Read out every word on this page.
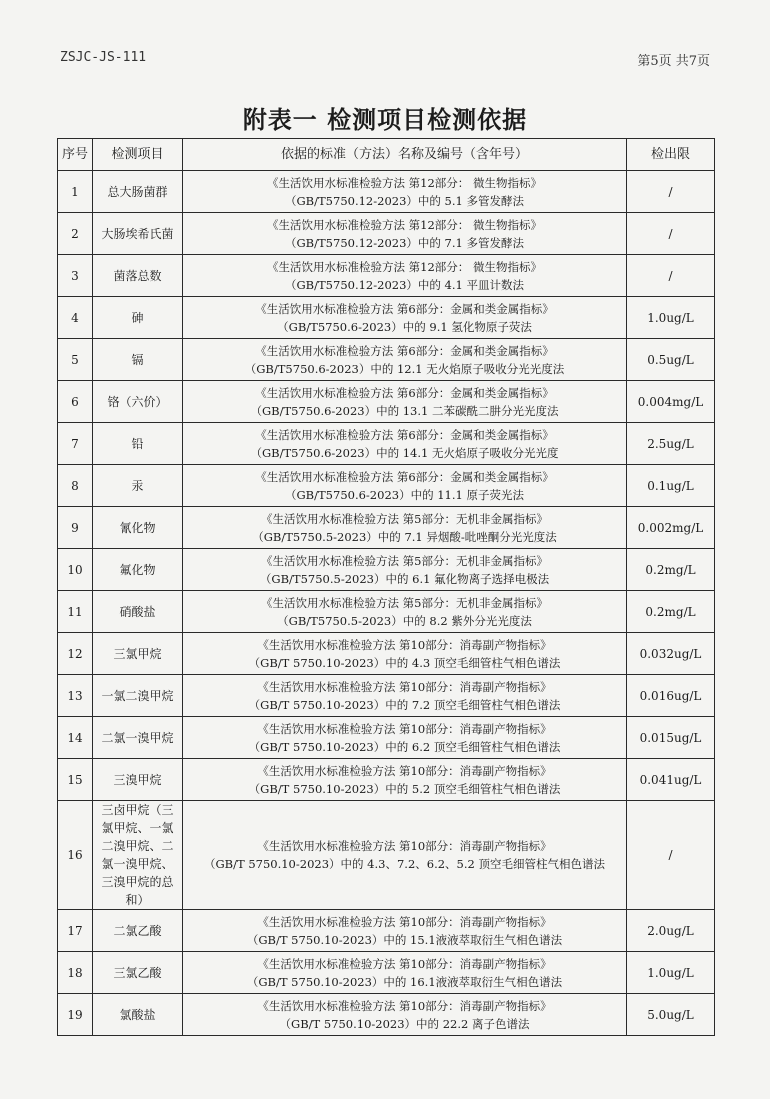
ZSJC-JS-111	第5页 共7页
附表一 检测项目检测依据
序号	检测项目	依据的标准（方法）名称及编号（含年号）	检出限
1	总大肠菌群	《生活饮用水标准检验方法 第12部分： 微生物指标》
（GB/T5750.12-2023）中的 5.1 多管发酵法	/
2	大肠埃希氏菌	《生活饮用水标准检验方法 第12部分： 微生物指标》
（GB/T5750.12-2023）中的 7.1 多管发酵法	/
3	菌落总数	《生活饮用水标准检验方法 第12部分： 微生物指标》
（GB/T5750.12-2023）中的 4.1 平皿计数法	/
4	砷	《生活饮用水标准检验方法 第6部分：金属和类金属指标》
（GB/T5750.6-2023）中的 9.1 氢化物原子荧法	1.0ug/L
5	镉	《生活饮用水标准检验方法 第6部分：金属和类金属指标》
（GB/T5750.6-2023）中的 12.1 无火焰原子吸收分光光度法	0.5ug/L
6	铬（六价）	《生活饮用水标准检验方法 第6部分：金属和类金属指标》
（GB/T5750.6-2023）中的 13.1 二苯碳酰二肼分光光度法	0.004mg/L
7	铅	《生活饮用水标准检验方法 第6部分：金属和类金属指标》
（GB/T5750.6-2023）中的 14.1 无火焰原子吸收分光光度	2.5ug/L
8	汞	《生活饮用水标准检验方法 第6部分：金属和类金属指标》
（GB/T5750.6-2023）中的 11.1 原子荧光法	0.1ug/L
9	氰化物	《生活饮用水标准检验方法 第5部分：无机非金属指标》
（GB/T5750.5-2023）中的 7.1 异烟酸-吡唑酮分光光度法	0.002mg/L
10	氟化物	《生活饮用水标准检验方法 第5部分：无机非金属指标》
（GB/T5750.5-2023）中的 6.1 氟化物离子选择电极法	0.2mg/L
11	硝酸盐	《生活饮用水标准检验方法 第5部分：无机非金属指标》
（GB/T5750.5-2023）中的 8.2 紫外分光光度法	0.2mg/L
12	三氯甲烷	《生活饮用水标准检验方法 第10部分：消毒副产物指标》
（GB/T 5750.10-2023）中的 4.3 顶空毛细管柱气相色谱法	0.032ug/L
13	一氯二溴甲烷	《生活饮用水标准检验方法 第10部分：消毒副产物指标》
（GB/T 5750.10-2023）中的 7.2 顶空毛细管柱气相色谱法	0.016ug/L
14	二氯一溴甲烷	《生活饮用水标准检验方法 第10部分：消毒副产物指标》
（GB/T 5750.10-2023）中的 6.2 顶空毛细管柱气相色谱法	0.015ug/L
15	三溴甲烷	《生活饮用水标准检验方法 第10部分：消毒副产物指标》
（GB/T 5750.10-2023）中的 5.2 顶空毛细管柱气相色谱法	0.041ug/L
16	三卤甲烷（三氯甲烷、一氯二溴甲烷、二氯一溴甲烷、三溴甲烷的总和）	《生活饮用水标准检验方法 第10部分：消毒副产物指标》
（GB/T 5750.10-2023）中的 4.3、7.2、6.2、5.2 顶空毛细管柱气相色谱法	/
17	二氯乙酸	《生活饮用水标准检验方法 第10部分：消毒副产物指标》
（GB/T 5750.10-2023）中的 15.1液液萃取衍生气相色谱法	2.0ug/L
18	三氯乙酸	《生活饮用水标准检验方法 第10部分：消毒副产物指标》
（GB/T 5750.10-2023）中的 16.1液液萃取衍生气相色谱法	1.0ug/L
19	氯酸盐	《生活饮用水标准检验方法 第10部分：消毒副产物指标》
（GB/T 5750.10-2023）中的 22.2 离子色谱法	5.0ug/L
